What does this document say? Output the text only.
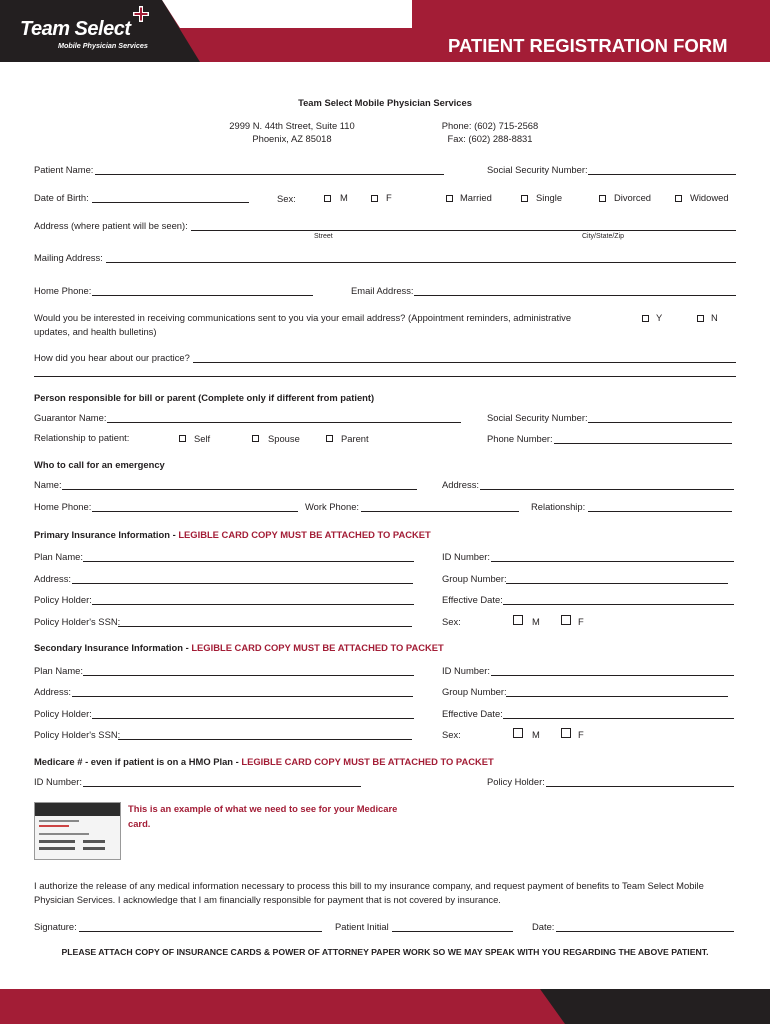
Team Select
Mobile Physician Services	PATIENT REGISTRATION FORM
Team Select Mobile Physician Services
2999 N. 44th Street, Suite 110
Phoenix, AZ 85018
Phone: (602) 715-2568
Fax: (602) 288-8831
Patient Name:	Social Security Number:
Date of Birth:	Sex:	M	F	Married	Single	Divorced	Widowed
Address (where patient will be seen):
Street	City/State/Zip
Mailing Address:
Home Phone:	Email Address:
Would you be interested in receiving communications sent to you via your email address? (Appointment reminders, administrative
updates, and health bulletins)
Y	N
How did you hear about our practice?
Person responsible for bill or parent (Complete only if different from patient)
Guarantor Name:	Social Security Number:
Relationship to patient:	Self	Spouse	Parent	Phone Number:
Who to call for an emergency
Name:	Address:
Home Phone:	Work Phone:	Relationship:
Primary Insurance Information - LEGIBLE CARD COPY MUST BE ATTACHED TO PACKET
Plan Name:	ID Number:
Address:	Group Number:
Policy Holder:	Effective Date:
Policy Holder's SSN:	Sex:	M	F
Secondary Insurance Information - LEGIBLE CARD COPY MUST BE ATTACHED TO PACKET
Plan Name:	ID Number:
Address:	Group Number:
Policy Holder:	Effective Date:
Policy Holder's SSN:	Sex:	M	F
Medicare # - even if patient is on a HMO Plan - LEGIBLE CARD COPY MUST BE ATTACHED TO PACKET
ID Number:	Policy Holder:
This is an example of what we need to see for your Medicare
card.
I authorize the release of any medical information necessary to process this bill to my insurance company, and request payment of benefits to Team Select Mobile
Physician Services. I acknowledge that I am financially responsible for payment that is not covered by insurance.
Signature:	Patient Initial	Date:
PLEASE ATTACH COPY OF INSURANCE CARDS & POWER OF ATTORNEY PAPER WORK SO WE MAY SPEAK WITH YOU REGARDING THE ABOVE PATIENT.
